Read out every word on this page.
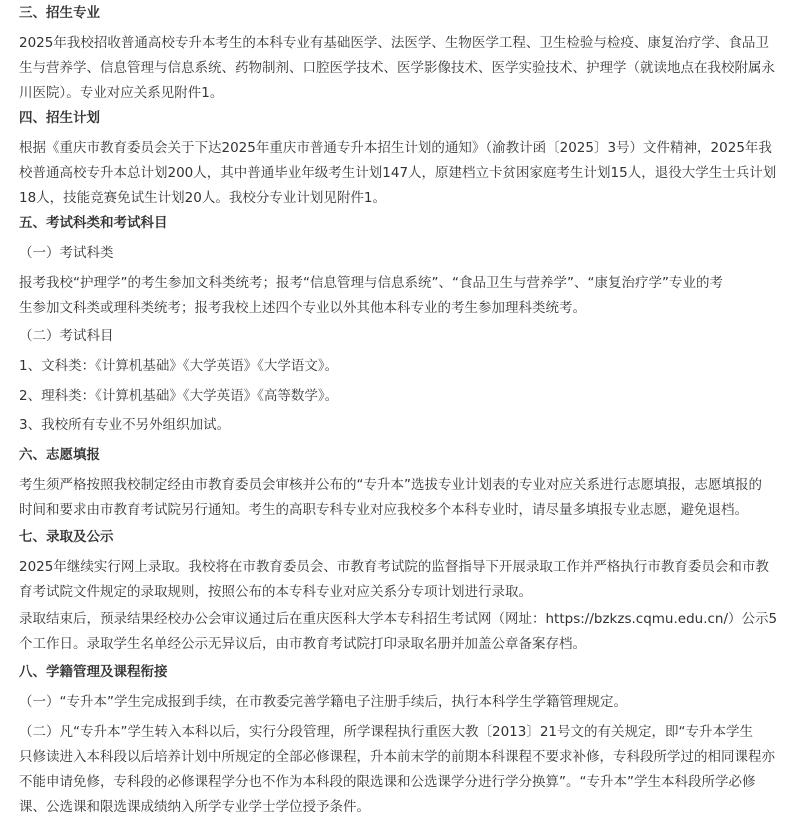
三、招生专业
2025年我校招收普通高校专升本考生的本科专业有基础医学、法医学、生物医学工程、卫生检验与检疫、康复治疗学、食品卫
生与营养学、信息管理与信息系统、药物制剂、口腔医学技术、医学影像技术、医学实验技术、护理学（就读地点在我校附属永
川医院）。专业对应关系见附件1。
四、招生计划
根据《重庆市教育委员会关于下达2025年重庆市普通专升本招生计划的通知》（渝教计函〔2025〕3号）文件精神，2025年我
校普通高校专升本总计划200人，其中普通毕业年级考生计划147人，原建档立卡贫困家庭考生计划15人，退役大学生士兵计划
18人，技能竞赛免试生计划20人。我校分专业计划见附件1。
五、考试科类和考试科目
（一）考试科类
报考我校“护理学”的考生参加文科类统考；报考“信息管理与信息系统”、“食品卫生与营养学”、“康复治疗学”专业的考
生参加文科类或理科类统考；报考我校上述四个专业以外其他本科专业的考生参加理科类统考。
（二）考试科目
1、文科类：《计算机基础》《大学英语》《大学语文》。
2、理科类：《计算机基础》《大学英语》《高等数学》。
3、我校所有专业不另外组织加试。
六、志愿填报
考生须严格按照我校制定经由市教育委员会审核并公布的“专升本”选拔专业计划表的专业对应关系进行志愿填报，志愿填报的
时间和要求由市教育考试院另行通知。考生的高职专科专业对应我校多个本科专业时，请尽量多填报专业志愿，避免退档。
七、录取及公示
2025年继续实行网上录取。我校将在市教育委员会、市教育考试院的监督指导下开展录取工作并严格执行市教育委员会和市教
育考试院文件规定的录取规则，按照公布的本专科专业对应关系分专项计划进行录取。
录取结束后，预录结果经校办公会审议通过后在重庆医科大学本专科招生考试网（网址：https://bzkzs.cqmu.edu.cn/）公示5
个工作日。录取学生名单经公示无异议后，由市教育考试院打印录取名册并加盖公章备案存档。
八、学籍管理及课程衔接
（一）“专升本”学生完成报到手续，在市教委完善学籍电子注册手续后，执行本科学生学籍管理规定。
（二）凡“专升本”学生转入本科以后，实行分段管理，所学课程执行重医大教〔2013〕21号文的有关规定，即“专升本学生
只修读进入本科段以后培养计划中所规定的全部必修课程，升本前末学的前期本科课程不要求补修，专科段所学过的相同课程亦
不能申请免修，专科段的必修课程学分也不作为本科段的限选课和公选课学分进行学分换算”。“专升本”学生本科段所学必修
课、公选课和限选课成绩纳入所学专业学士学位授予条件。
